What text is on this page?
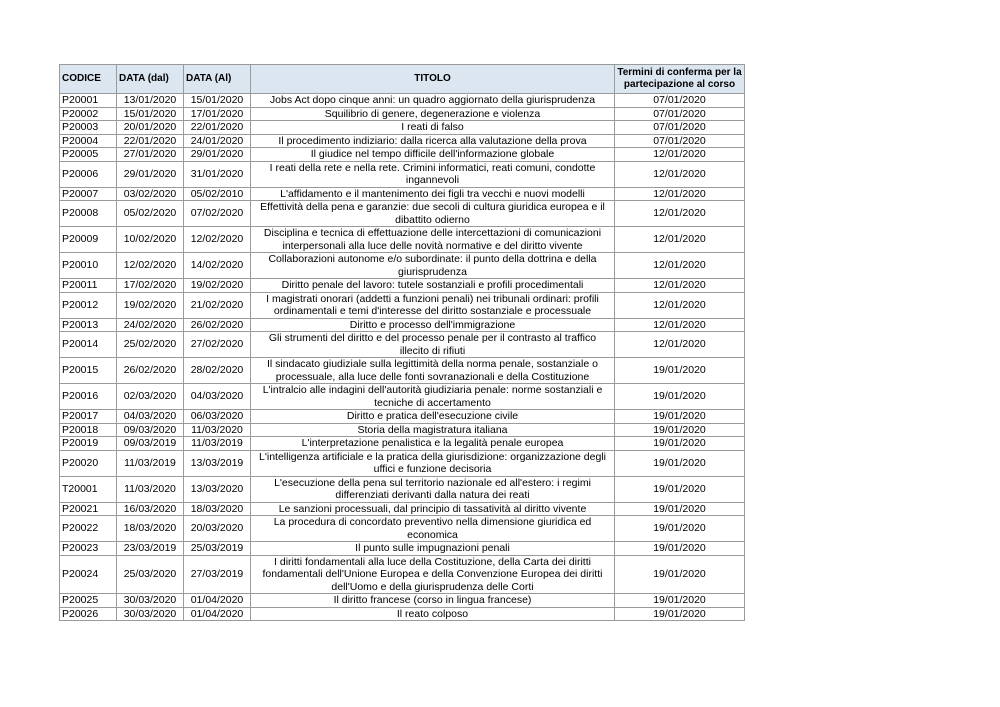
CODICE	DATA (dal)	DATA (Al)	TITOLO	Termini di conferma per la partecipazione al corso
P20001	13/01/2020	15/01/2020	Jobs Act dopo cinque anni: un quadro aggiornato della giurisprudenza	07/01/2020
P20002	15/01/2020	17/01/2020	Squilibrio di genere, degenerazione e violenza	07/01/2020
P20003	20/01/2020	22/01/2020	I reati di falso	07/01/2020
P20004	22/01/2020	24/01/2020	Il procedimento indiziario: dalla ricerca alla valutazione della prova	07/01/2020
P20005	27/01/2020	29/01/2020	Il giudice nel tempo difficile dell'informazione globale	12/01/2020
P20006	29/01/2020	31/01/2020	I reati della rete e nella rete. Crimini informatici, reati comuni, condotte ingannevoli	12/01/2020
P20007	03/02/2020	05/02/2010	L'affidamento e il mantenimento dei figli tra vecchi e nuovi modelli	12/01/2020
P20008	05/02/2020	07/02/2020	Effettività della pena e garanzie: due secoli di cultura giuridica europea e il dibattito odierno	12/01/2020
P20009	10/02/2020	12/02/2020	Disciplina e tecnica di effettuazione delle intercettazioni di comunicazioni interpersonali alla luce delle novità normative e del diritto vivente	12/01/2020
P20010	12/02/2020	14/02/2020	Collaborazioni autonome e/o subordinate: il punto della dottrina e della giurisprudenza	12/01/2020
P20011	17/02/2020	19/02/2020	Diritto penale del lavoro: tutele sostanziali e profili procedimentali	12/01/2020
P20012	19/02/2020	21/02/2020	I magistrati onorari (addetti a funzioni penali) nei tribunali ordinari: profili ordinamentali e temi d'interesse del diritto sostanziale e processuale	12/01/2020
P20013	24/02/2020	26/02/2020	Diritto e processo dell'immigrazione	12/01/2020
P20014	25/02/2020	27/02/2020	Gli strumenti del diritto e del processo penale per il contrasto al traffico illecito di rifiuti	12/01/2020
P20015	26/02/2020	28/02/2020	Il sindacato giudiziale sulla legittimità della norma penale, sostanziale o processuale, alla luce delle fonti sovranazionali e della Costituzione	19/01/2020
P20016	02/03/2020	04/03/2020	L'intralcio alle indagini dell'autorità giudiziaria penale: norme sostanziali e tecniche di accertamento	19/01/2020
P20017	04/03/2020	06/03/2020	Diritto e pratica dell'esecuzione civile	19/01/2020
P20018	09/03/2020	11/03/2020	Storia della magistratura italiana	19/01/2020
P20019	09/03/2019	11/03/2019	L'interpretazione penalistica e la legalità penale europea	19/01/2020
P20020	11/03/2019	13/03/2019	L'intelligenza artificiale e la pratica della giurisdizione: organizzazione degli uffici e funzione decisoria	19/01/2020
T20001	11/03/2020	13/03/2020	L'esecuzione della pena sul territorio nazionale ed all'estero: i regimi differenziati derivanti dalla natura dei reati	19/01/2020
P20021	16/03/2020	18/03/2020	Le sanzioni processuali, dal principio di tassatività al diritto vivente	19/01/2020
P20022	18/03/2020	20/03/2020	La procedura di concordato preventivo nella dimensione giuridica ed economica	19/01/2020
P20023	23/03/2019	25/03/2019	Il punto sulle impugnazioni penali	19/01/2020
P20024	25/03/2020	27/03/2019	I diritti fondamentali alla luce della Costituzione, della Carta dei diritti fondamentali dell'Unione Europea e della Convenzione Europea dei diritti dell'Uomo e della giurisprudenza delle Corti	19/01/2020
P20025	30/03/2020	01/04/2020	Il diritto francese (corso in lingua francese)	19/01/2020
P20026	30/03/2020	01/04/2020	Il reato colposo	19/01/2020
